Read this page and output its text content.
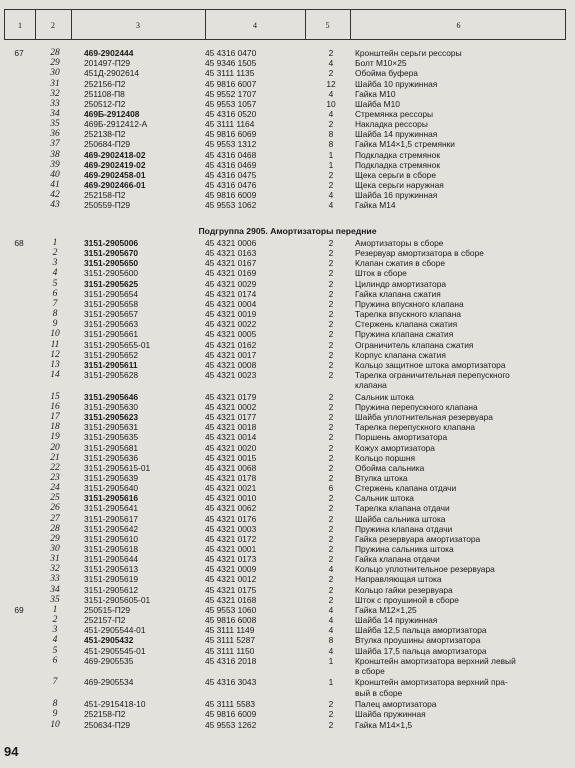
1	2	3	4	5	6
67	28	469-2902444	45 4316 0470	2	Кронштейн серьги рессоры
29	201497-П29	45 9346 1505	4	Болт М10×25
30	451Д-2902614	45 3111 1135	2	Обойма буфера
31	252156-П2	45 9816 6007	12	Шайба 10 пружинная
32	251108-П8	45 9552 1707	4	Гайка М10
33	250512-П2	45 9553 1057	10	Шайба М10
34	469Б-2912408	45 4316 0520	4	Стремянка рессоры
35	469Б-2912412-А	45 3111 1164	2	Накладка рессоры
36	252138-П2	45 9816 6069	8	Шайба 14 пружинная
37	250684-П29	45 9553 1312	8	Гайка М14×1,5 стремянки
38	469-2902418-02	45 4316 0468	1	Подкладка стремянок
39	469-2902419-02	45 4316 0469	1	Подкладка стремянок
40	469-2902458-01	45 4316 0475	2	Щека серьги в сборе
41	469-2902466-01	45 4316 0476	2	Щека серьги наружная
42	252158-П2	45 9816 6009	4	Шайба 16 пружинная
43	250559-П29	45 9553 1062	4	Гайка М14
68	1	3151-2905006	45 4321 0006	2	Амортизаторы в сборе
2	3151-2905670	45 4321 0163	2	Резервуар амортизатора в сборе
3	3151-2905650	45 4321 0167	2	Клапан сжатия в сборе
4	3151-2905600	45 4321 0169	2	Шток в сборе
5	3151-2905625	45 4321 0029	2	Цилиндр амортизатора
6	3151-2905654	45 4321 0174	2	Гайка клапана сжатия
7	3151-2905658	45 4321 0004	2	Пружина впускного клапана
8	3151-2905657	45 4321 0019	2	Тарелка впускного клапана
9	3151-2905663	45 4321 0022	2	Стержень клапана сжатия
10	3151-2905661	45 4321 0005	2	Пружина клапана сжатия
11	3151-2905655-01	45 4321 0162	2	Ограничитель клапана сжатия
12	3151-2905652	45 4321 0017	2	Корпус клапана сжатия
13	3151-2905611	45 4321 0008	2	Кольцо защитное штока амортизатора
14	3151-2905628	45 4321 0023	2	Тарелка ограничительная перепускного
клапана
15	3151-2905646	45 4321 0179	2	Сальник штока
16	3151-2905630	45 4321 0002	2	Пружина перепускного клапана
17	3151-2905623	45 4321 0177	2	Шайба уплотнительная резервуара
18	3151-2905631	45 4321 0018	2	Тарелка перепускного клапана
19	3151-2905635	45 4321 0014	2	Поршень амортизатора
20	3151-2905681	45 4321 0020	2	Кожух амортизатора
21	3151-2905636	45 4321 0015	2	Кольцо поршня
22	3151-2905615-01	45 4321 0068	2	Обойма сальника
23	3151-2905639	45 4321 0178	2	Втулка штока
24	3151-2905640	45 4321 0021	6	Стержень клапана отдачи
25	3151-2905616	45 4321 0010	2	Сальник штока
26	3151-2905641	45 4321 0062	2	Тарелка клапана отдачи
27	3151-2905617	45 4321 0176	2	Шайба сальника штока
28	3151-2905642	45 4321 0003	2	Пружина клапана отдачи
29	3151-2905610	45 4321 0172	2	Гайка резервуара амортизатора
30	3151-2905618	45 4321 0001	2	Пружина сальника штока
31	3151-2905644	45 4321 0173	2	Гайка клапана отдачи
32	3151-2905613	45 4321 0009	4	Кольцо уплотнительное резервуара
33	3151-2905619	45 4321 0012	2	Направляющая штока
34	3151-2905612	45 4321 0175	2	Кольцо гайки резервуара
35	3151-2905605-01	45 4321 0168	2	Шток с проушиной в сборе
69	1	250515-П29	45 9553 1060	4	Гайка М12×1,25
2	252157-П2	45 9816 6008	4	Шайба 14 пружинная
3	451-2905544-01	45 3111 1149	4	Шайба 12,5 пальца амортизатора
4	451-2905432	45 3111 5287	8	Втулка проушины амортизатора
5	451-2905545-01	45 3111 1150	4	Шайба 17,5 пальца амортизатора
6	469-2905535	45 4316 2018	1	Кронштейн амортизатора верхний левый
в сборе
7	469-2905534	45 4316 3043	1	Кронштейн амортизатора верхний пра-
вый в сборе
8	451-2915418-10	45 3111 5583	2	Палец амортизатора
9	252158-П2	45 9816 6009	2	Шайба пружинная
10	250634-П29	45 9553 1262	2	Гайка М14×1,5
Подгруппа 2905. Амортизаторы передние
94
